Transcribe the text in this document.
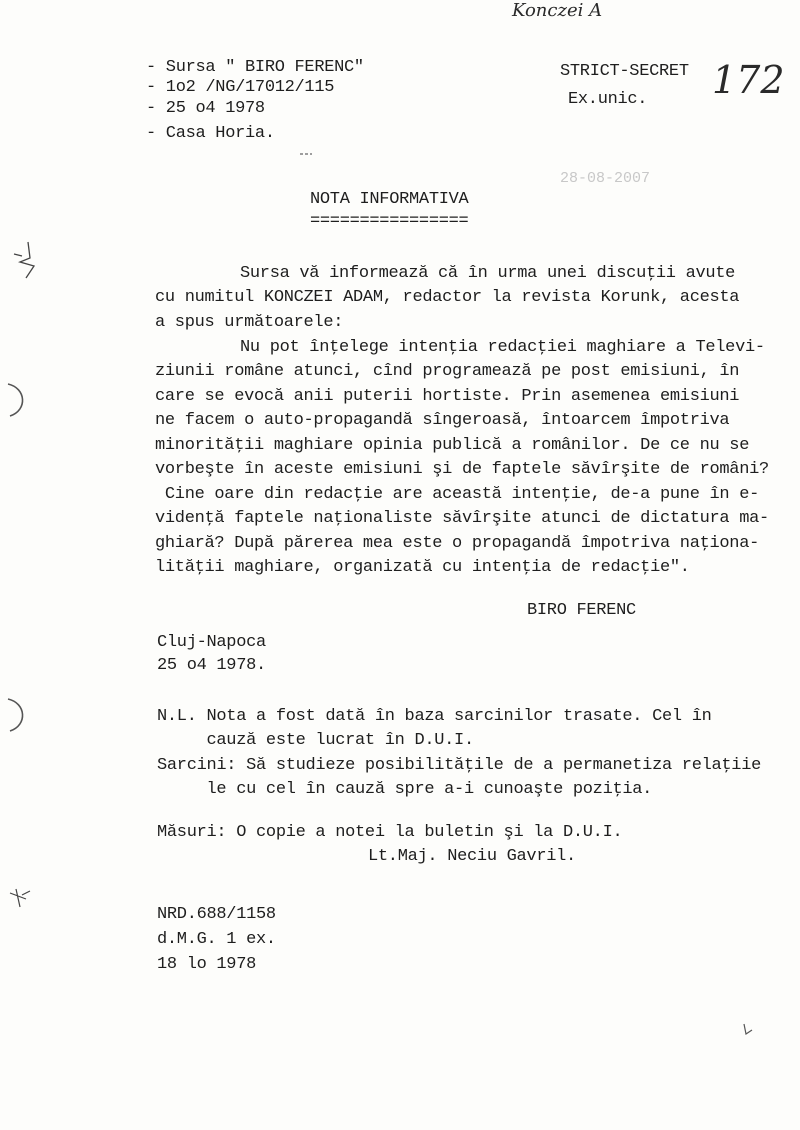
Konczei A
172
28-08-2007
- Sursa " BIRO FERENC"
- 1o2 /NG/17012/115
- 25 o4 1978
- Casa Horia.
STRICT-SECRET
Ex.unic.
NOTA INFORMATIVA
================
Sursa vă informează că în urma unei discuţii avute
cu numitul KONCZEI ADAM, redactor la revista Korunk, acesta
a spus următoarele:
Nu pot înţelege intenţia redacţiei maghiare a Televi-
ziunii române atunci, cînd programează pe post emisiuni, în
care se evocă anii puterii hortiste. Prin asemenea emisiuni
ne facem o auto-propagandă sîngeroasă, întoarcem împotriva
minorităţii maghiare opinia publică a românilor. De ce nu se
vorbeşte în aceste emisiuni şi de faptele săvîrşite de români?
Cine oare din redacţie are această intenţie, de-a pune în e-
videnţă faptele naţionaliste săvîrşite atunci de dictatura ma-
ghiară? După părerea mea este o propagandă împotriva naţiona-
lităţii maghiare, organizată cu intenţia de redacţie".
BIRO FERENC
Cluj-Napoca
25 o4 1978.
N.L. Nota a fost dată în baza sarcinilor trasate. Cel în
cauză este lucrat în D.U.I.
Sarcini: Să studieze posibilităţile de a permanetiza relaţiie
le cu cel în cauză spre a-i cunoaşte poziţia.
Măsuri: O copie a notei la buletin şi la D.U.I.
Lt.Maj. Neciu Gavril.
NRD.688/1158
d.M.G. 1 ex.
18 lo 1978
